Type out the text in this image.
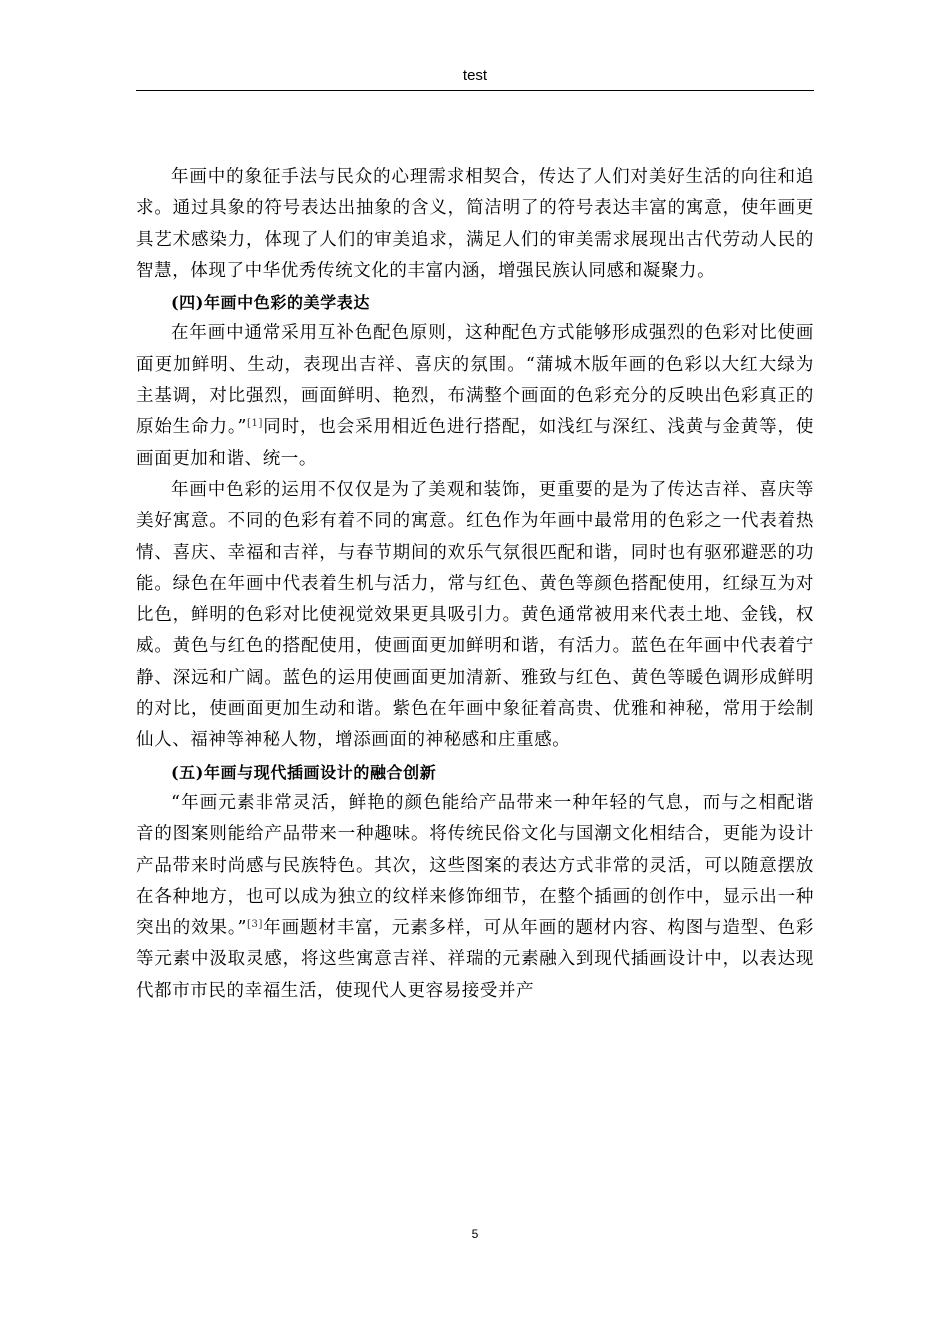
test

年画中的象征手法与民众的心理需求相契合，传达了人们对美好生活的向往和追求。通过具象的符号表达出抽象的含义，简洁明了的符号表达丰富的寓意，使年画更具艺术感染力，体现了人们的审美追求，满足人们的审美需求展现出古代劳动人民的智慧，体现了中华优秀传统文化的丰富内涵，增强民族认同感和凝聚力。

(四)年画中色彩的美学表达

在年画中通常采用互补色配色原则，这种配色方式能够形成强烈的色彩对比使画面更加鲜明、生动，表现出吉祥、喜庆的氛围。“蒲城木版年画的色彩以大红大绿为主基调，对比强烈，画面鲜明、艳烈，布满整个画面的色彩充分的反映出色彩真正的原始生命力。”[1]同时，也会采用相近色进行搭配，如浅红与深红、浅黄与金黄等，使画面更加和谐、统一。

年画中色彩的运用不仅仅是为了美观和装饰，更重要的是为了传达吉祥、喜庆等美好寓意。不同的色彩有着不同的寓意。红色作为年画中最常用的色彩之一代表着热情、喜庆、幸福和吉祥，与春节期间的欢乐气氛很匹配和谐，同时也有驱邪避恶的功能。绿色在年画中代表着生机与活力，常与红色、黄色等颜色搭配使用，红绿互为对比色，鲜明的色彩对比使视觉效果更具吸引力。黄色通常被用来代表土地、金钱，权威。黄色与红色的搭配使用，使画面更加鲜明和谐，有活力。蓝色在年画中代表着宁静、深远和广阔。蓝色的运用使画面更加清新、雅致与红色、黄色等暖色调形成鲜明的对比，使画面更加生动和谐。紫色在年画中象征着高贵、优雅和神秘，常用于绘制仙人、福神等神秘人物，增添画面的神秘感和庄重感。

(五)年画与现代插画设计的融合创新

“年画元素非常灵活，鲜艳的颜色能给产品带来一种年轻的气息，而与之相配谐音的图案则能给产品带来一种趣味。将传统民俗文化与国潮文化相结合，更能为设计产品带来时尚感与民族特色。其次，这些图案的表达方式非常的灵活，可以随意摆放在各种地方，也可以成为独立的纹样来修饰细节，在整个插画的创作中，显示出一种突出的效果。”[3]年画题材丰富，元素多样，可从年画的题材内容、构图与造型、色彩等元素中汲取灵感，将这些寓意吉祥、祥瑞的元素融入到现代插画设计中，以表达现代都市市民的幸福生活，使现代人更容易接受并产

5
